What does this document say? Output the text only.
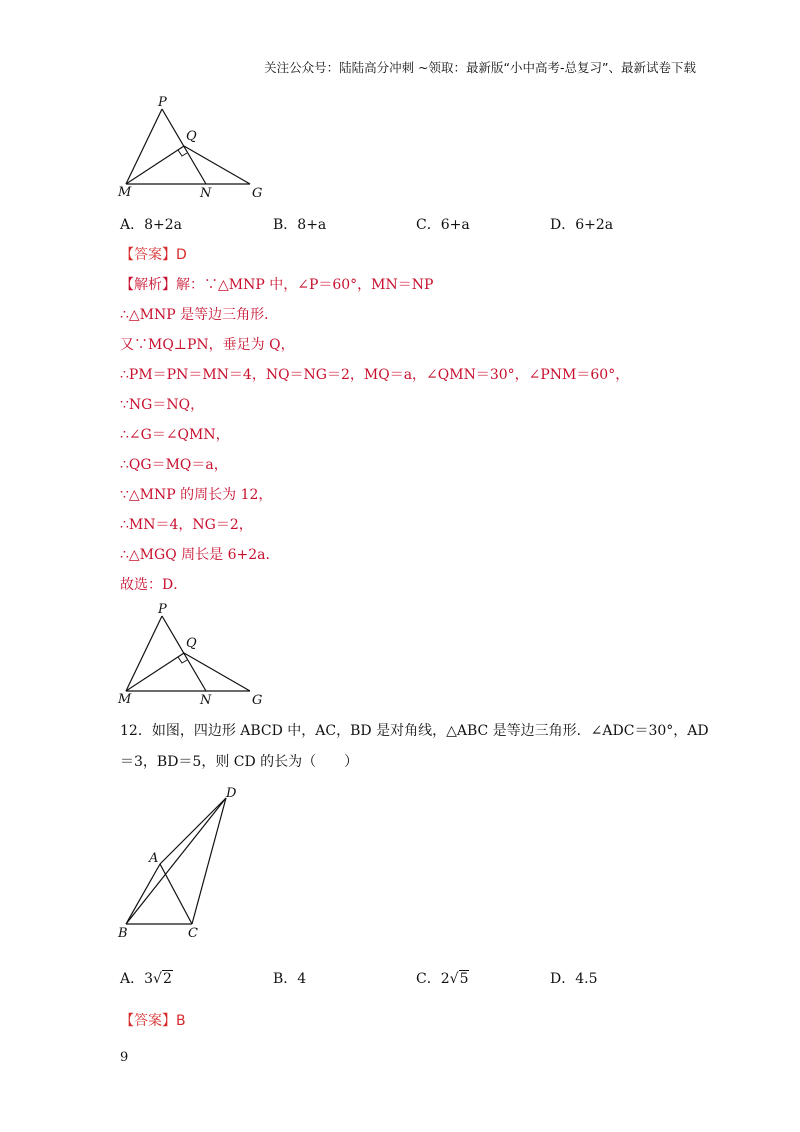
关注公众号：陆陆高分冲刺 ~领取：最新版“小中高考-总复习”、最新试卷下载
P
Q
M	N	G
A．8+2a	B．8+a	C．6+a	D．6+2a
【答案】D
【解析】解：∵△MNP 中，∠P＝60°，MN＝NP
∴△MNP 是等边三角形．
又∵MQ⊥PN，垂足为 Q，
∴PM＝PN＝MN＝4，NQ＝NG＝2，MQ＝a，∠QMN＝30°，∠PNM＝60°，
∵NG＝NQ，
∴∠G＝∠QMN，
∴QG＝MQ＝a，
∵△MNP 的周长为 12，
∴MN＝4，NG＝2，
∴△MGQ 周长是 6+2a．
故选：D．
P
Q
M	N	G
12．如图，四边形 ABCD 中，AC，BD 是对角线，△ABC 是等边三角形．∠ADC＝30°，AD
＝3，BD＝5，则 CD 的长为（　　）
A
B	C
D
A．3√2	B．4	C．2√5	D．4.5
【答案】B
9
